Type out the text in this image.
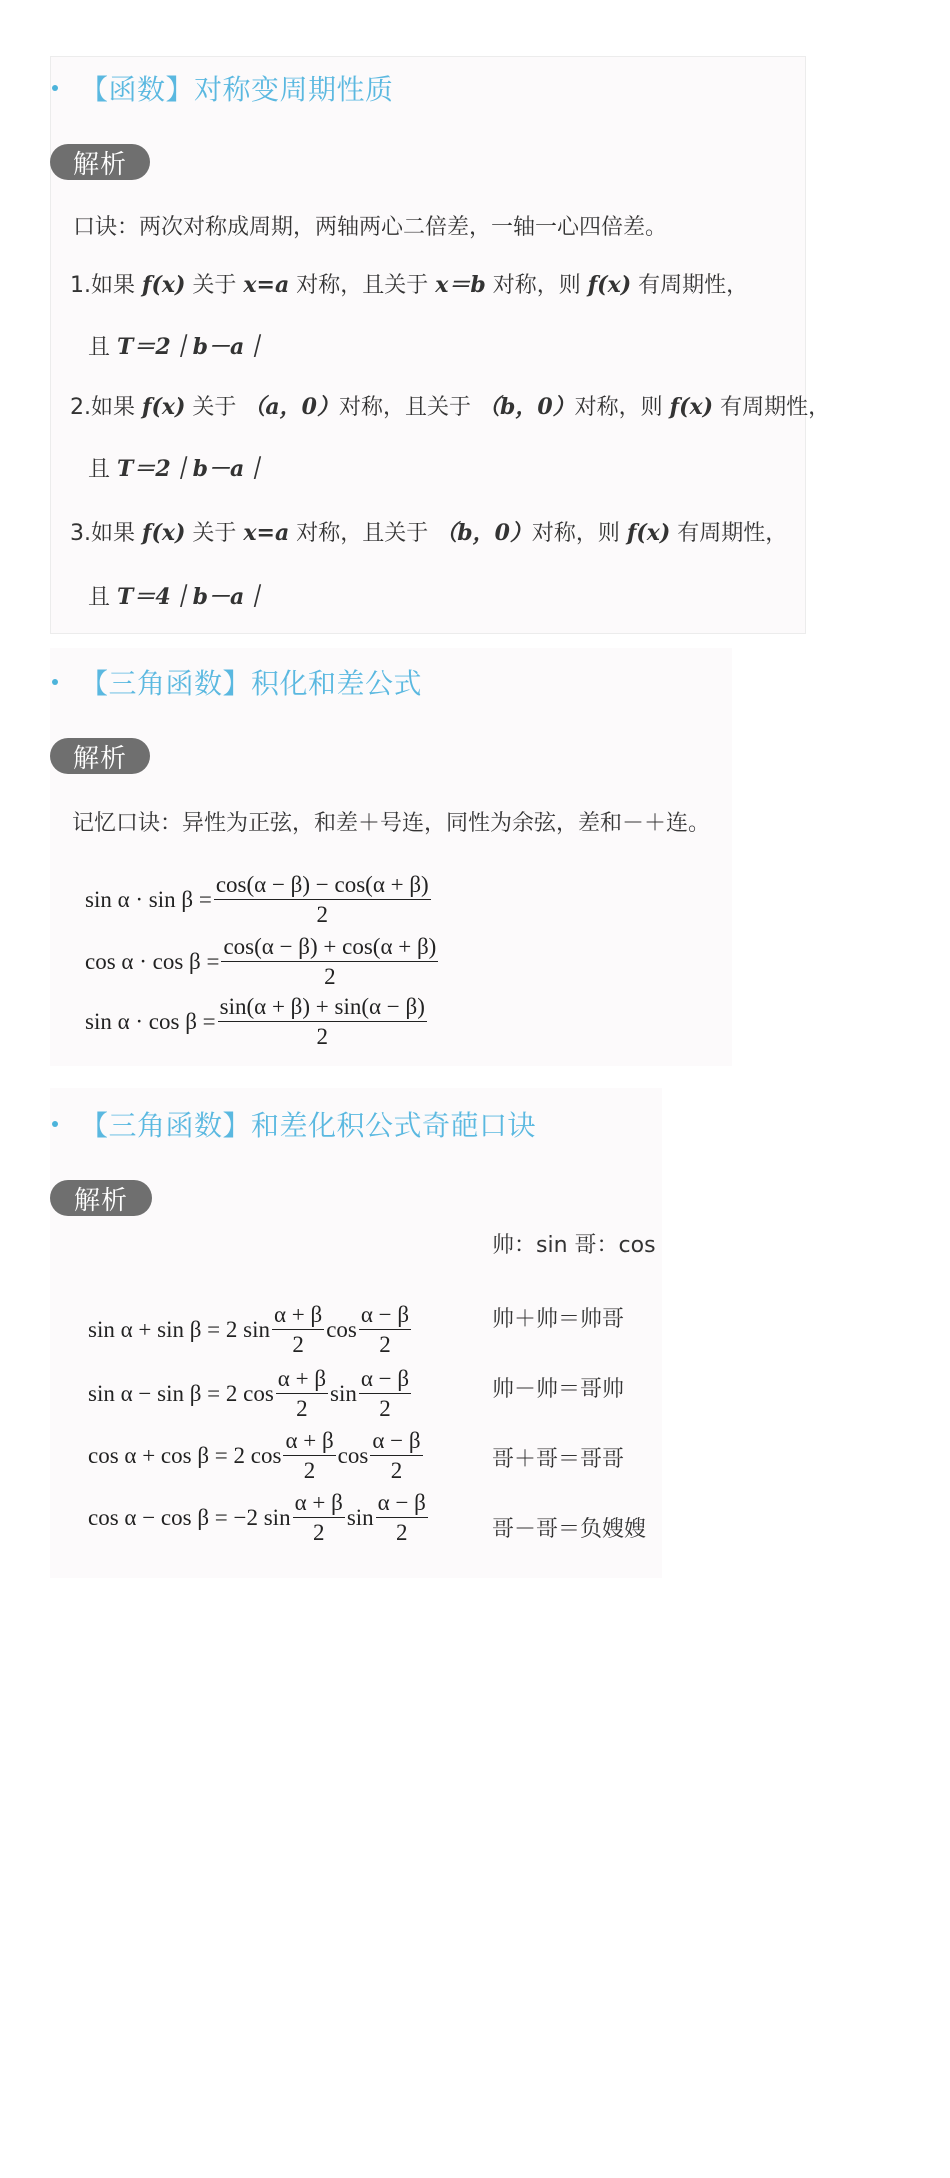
【函数】对称变周期性质
解析
口诀：两次对称成周期，两轴两心二倍差，一轴一心四倍差。
1.如果 f(x) 关于 x=a 对称，且关于 x＝b 对称，则 f(x) 有周期性，
且 T＝2｜b－a｜
2.如果 f(x) 关于 （a，0）对称，且关于 （b，0）对称，则 f(x) 有周期性，
且 T＝2｜b－a｜
3.如果 f(x) 关于 x=a 对称，且关于 （b，0）对称，则 f(x) 有周期性，
且 T＝4｜b－a｜
【三角函数】积化和差公式
解析
记忆口诀：异性为正弦，和差＋号连，同性为余弦，差和－＋连。
$\sin \alpha \cdot \sin \beta = \frac{\cos(\alpha - \beta) - \cos(\alpha + \beta)}{2}$
$\cos \alpha \cdot \cos \beta = \frac{\cos(\alpha - \beta) + \cos(\alpha + \beta)}{2}$
$\sin \alpha \cdot \cos \beta = \frac{\sin(\alpha + \beta) + \sin(\alpha - \beta)}{2}$
【三角函数】和差化积公式奇葩口诀
解析
帅：sin 哥：cos
sin α + sin β = 2 $\sin \frac{\alpha + \beta}{2}$ $\cos \frac{\alpha - \beta}{2}$	帅＋帅＝帅哥
sin α − sin β = 2 $\cos \frac{\alpha + \beta}{2}$ $\sin \frac{\alpha - \beta}{2}$	帅－帅＝哥帅
cos α + cos β = 2 $\cos \frac{\alpha + \beta}{2}$ $\cos \frac{\alpha - \beta}{2}$	哥＋哥＝哥哥
cos α − cos β = −2 $\sin \frac{\alpha + \beta}{2}$ $\sin \frac{\alpha - \beta}{2}$	哥－哥＝负嫂嫂
